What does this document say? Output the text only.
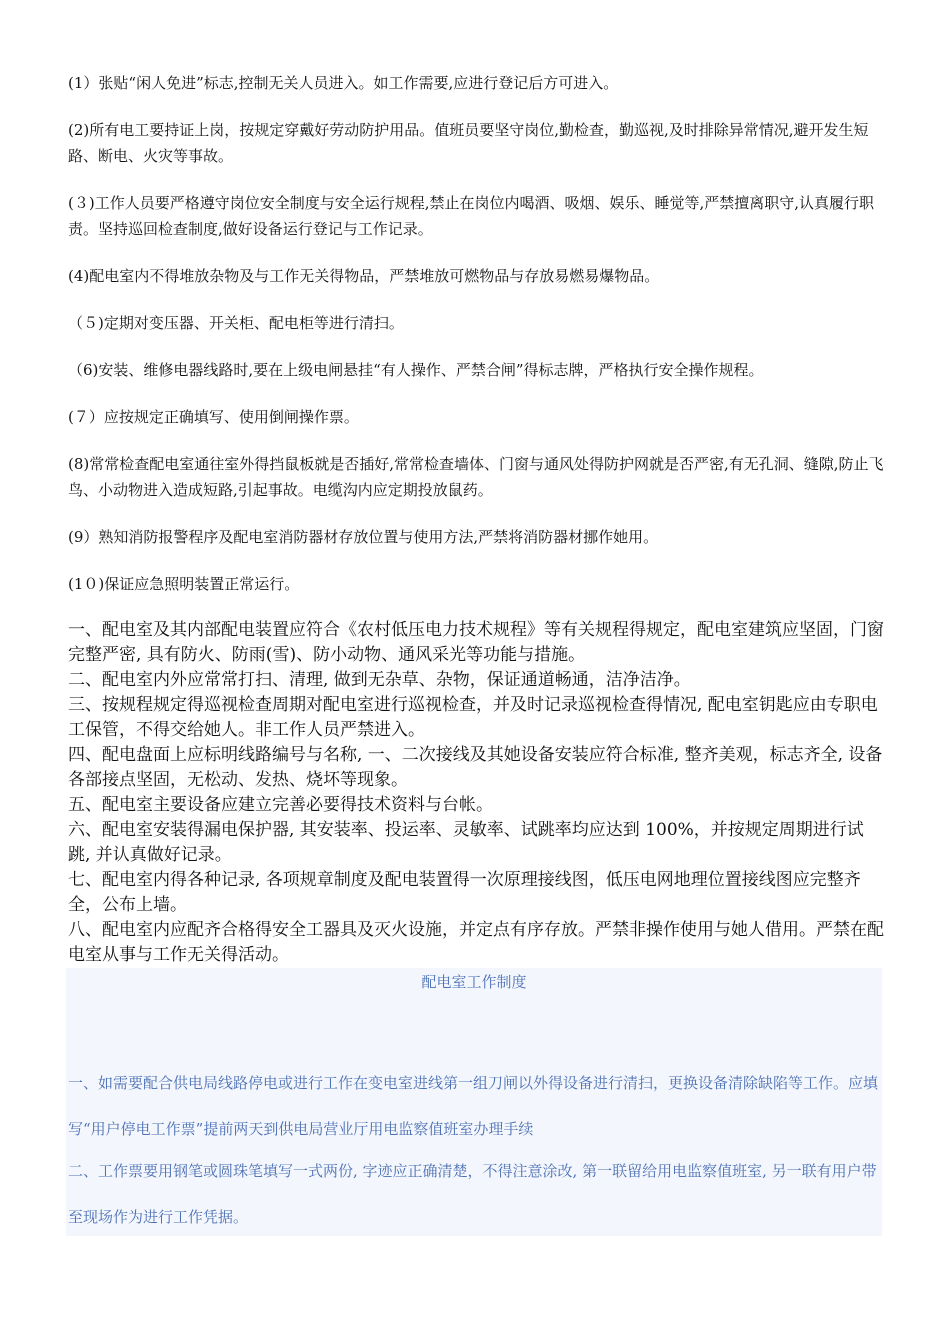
(1）张贴“闲人免进”标志,控制无关人员进入。如工作需要,应进行登记后方可进入。

(2)所有电工要持证上岗，按规定穿戴好劳动防护用品。值班员要坚守岗位,勤检查，勤巡视,及时排除异常情况,避开发生短路、断电、火灾等事故。

(３)工作人员要严格遵守岗位安全制度与安全运行规程,禁止在岗位内喝酒、吸烟、娱乐、睡觉等,严禁擅离职守,认真履行职责。坚持巡回检查制度,做好设备运行登记与工作记录。

(4)配电室内不得堆放杂物及与工作无关得物品，严禁堆放可燃物品与存放易燃易爆物品。

（５)定期对变压器、开关柜、配电柜等进行清扫。

（6)安装、维修电器线路时,要在上级电闸悬挂“有人操作、严禁合闸”得标志牌，严格执行安全操作规程。

(７）应按规定正确填写、使用倒闸操作票。

(8)常常检查配电室通往室外得挡鼠板就是否插好,常常检查墙体、门窗与通风处得防护网就是否严密,有无孔洞、缝隙,防止飞鸟、小动物进入造成短路,引起事故。电缆沟内应定期投放鼠药。

(9）熟知消防报警程序及配电室消防器材存放位置与使用方法,严禁将消防器材挪作她用。

(1０)保证应急照明装置正常运行。

一、配电室及其内部配电装置应符合《农村低压电力技术规程》等有关规程得规定，配电室建筑应坚固，门窗完整严密, 具有防火、防雨(雪)、防小动物、通风采光等功能与措施。

二、配电室内外应常常打扫、清理, 做到无杂草、杂物，保证通道畅通，洁净洁净。

三、按规程规定得巡视检查周期对配电室进行巡视检查，并及时记录巡视检查得情况, 配电室钥匙应由专职电工保管，不得交给她人。非工作人员严禁进入。

四、配电盘面上应标明线路编号与名称, 一、二次接线及其她设备安装应符合标准, 整齐美观，标志齐全, 设备各部接点坚固，无松动、发热、烧坏等现象。

五、配电室主要设备应建立完善必要得技术资料与台帐。

六、配电室安装得漏电保护器, 其安装率、投运率、灵敏率、试跳率均应达到 100%，并按规定周期进行试跳, 并认真做好记录。

七、配电室内得各种记录, 各项规章制度及配电装置得一次原理接线图，低压电网地理位置接线图应完整齐全，公布上墙。

八、配电室内应配齐合格得安全工器具及灭火设施，并定点有序存放。严禁非操作使用与她人借用。严禁在配电室从事与工作无关得活动。

配电室工作制度
一、如需要配合供电局线路停电或进行工作在变电室进线第一组刀闸以外得设备进行清扫，更换设备清除缺陷等工作。应填写“用户停电工作票”提前两天到供电局营业厅用电监察值班室办理手续
二、工作票要用钢笔或圆珠笔填写一式两份, 字迹应正确清楚，不得注意涂改, 第一联留给用电监察值班室, 另一联有用户带至现场作为进行工作凭据。
